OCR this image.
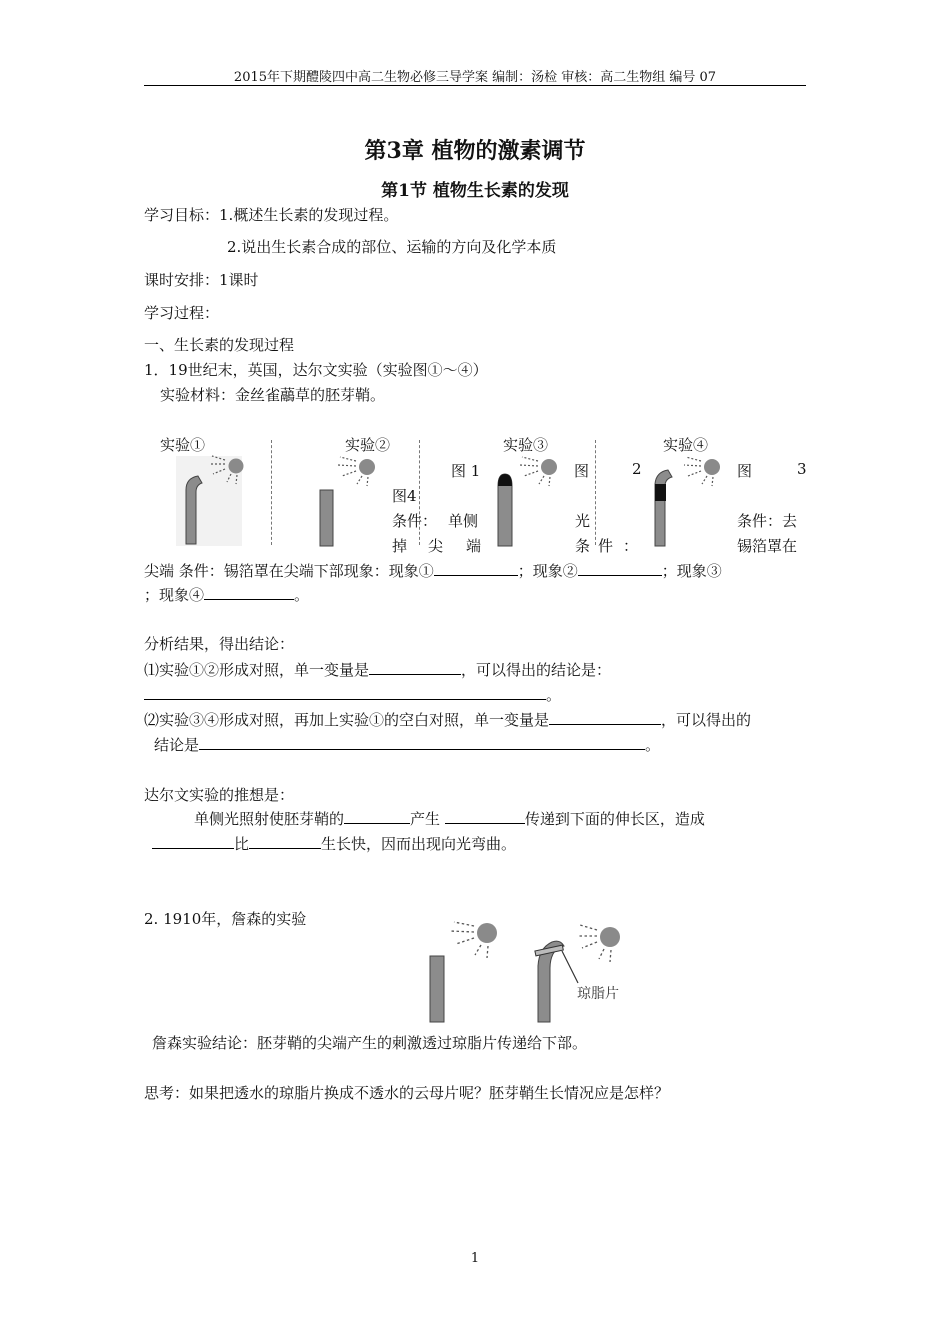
2015年下期醴陵四中高二生物必修三导学案 编制：汤检 审核：高二生物组 编号 07
第3章 植物的激素调节
第1节 植物生长素的发现
学习目标：1.概述生长素的发现过程。
2.说出生长素合成的部位、运输的方向及化学本质
课时安排：1课时
学习过程：
一、生长素的发现过程
1．19世纪末，英国，达尔文实验（实验图①～④）
实验材料：金丝雀虉草的胚芽鞘。
实验①	实验②	实验③	实验④
图 1	图	2	图	3
图4
条件： 单侧	光	条件：去
掉 尖 端	条 件 ：	锡箔罩在
尖端 条件：锡箔罩在尖端下部现象：现象①	；现象②	；现象③
；现象④	。
分析结果，得出结论：
⑴实验①②形成对照，单一变量是	，可以得出的结论是：
。
⑵实验③④形成对照，再加上实验①的空白对照，单一变量是	，可以得出的
结论是	。
达尔文实验的推想是：
单侧光照射使胚芽鞘的	产生	传递到下面的伸长区，造成
比	生长快，因而出现向光弯曲。
2. 1910年，詹森的实验
琼脂片
詹森实验结论：胚芽鞘的尖端产生的刺激透过琼脂片传递给下部。
思考：如果把透水的琼脂片换成不透水的云母片呢？胚芽鞘生长情况应是怎样？
1
